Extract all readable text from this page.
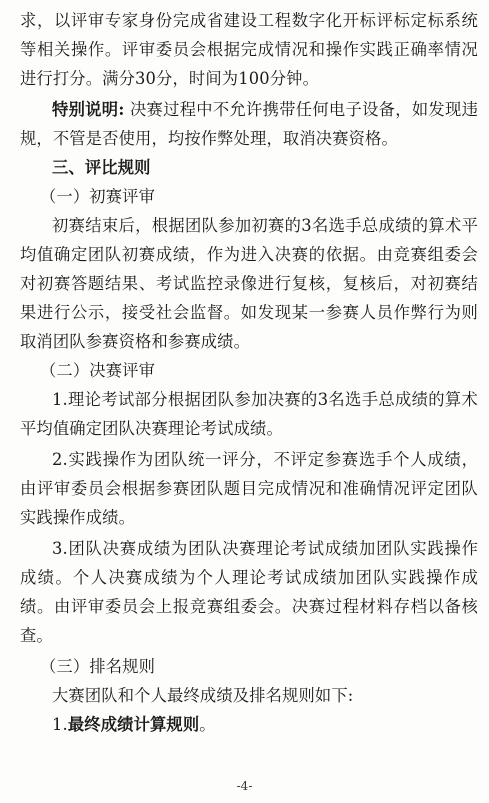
求，以评审专家身份完成省建设工程数字化开标评标定标系统等相关操作。评审委员会根据完成情况和操作实践正确率情况进行打分。满分30分，时间为100分钟。

特别说明: 决赛过程中不允许携带任何电子设备，如发现违规，不管是否使用，均按作弊处理，取消决赛资格。

三、评比规则

（一）初赛评审

初赛结束后，根据团队参加初赛的3名选手总成绩的算术平均值确定团队初赛成绩，作为进入决赛的依据。由竞赛组委会对初赛答题结果、考试监控录像进行复核，复核后，对初赛结果进行公示，接受社会监督。如发现某一参赛人员作弊行为则取消团队参赛资格和参赛成绩。

（二）决赛评审

1.理论考试部分根据团队参加决赛的3名选手总成绩的算术平均值确定团队决赛理论考试成绩。

2.实践操作为团队统一评分，不评定参赛选手个人成绩，由评审委员会根据参赛团队题目完成情况和准确情况评定团队实践操作成绩。

3.团队决赛成绩为团队决赛理论考试成绩加团队实践操作成绩。个人决赛成绩为个人理论考试成绩加团队实践操作成绩。由评审委员会上报竞赛组委会。决赛过程材料存档以备核查。

（三）排名规则

大赛团队和个人最终成绩及排名规则如下:

1.最终成绩计算规则。

-4-
